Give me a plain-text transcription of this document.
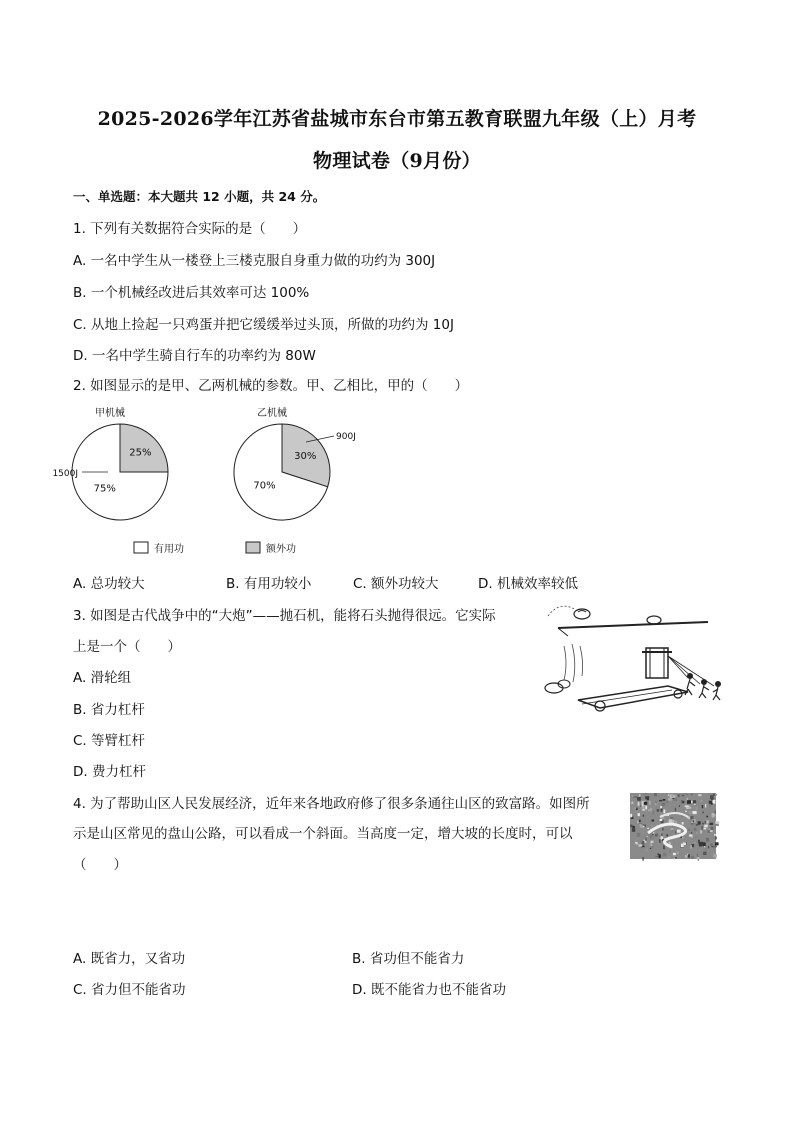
2025-2026学年江苏省盐城市东台市第五教育联盟九年级（上）月考
物理试卷（9月份）
一、单选题：本大题共 12 小题，共 24 分。
1. 下列有关数据符合实际的是（　　）
A. 一名中学生从一楼登上三楼克服自身重力做的功约为 300J
B. 一个机械经改进后其效率可达 100%
C. 从地上捡起一只鸡蛋并把它缓缓举过头顶，所做的功约为 10J
D. 一名中学生骑自行车的功率约为 80W
2. 如图显示的是甲、乙两机械的参数。甲、乙相比，甲的（　　）
甲机械
25%
75%
1500J
乙机械
30%
70%
900J
有用功	额外功
A. 总功较大	B. 有用功较小	C. 额外功较大	D. 机械效率较低
3. 如图是古代战争中的“大炮”——抛石机，能将石头抛得很远。它实际
上是一个（　　）
A. 滑轮组
B. 省力杠杆
C. 等臂杠杆
D. 费力杠杆
4. 为了帮助山区人民发展经济，近年来各地政府修了很多条通往山区的致富路。如图所
示是山区常见的盘山公路，可以看成一个斜面。当高度一定，增大坡的长度时，可以
（　　）
A. 既省力，又省功	B. 省功但不能省力
C. 省力但不能省功	D. 既不能省力也不能省功
